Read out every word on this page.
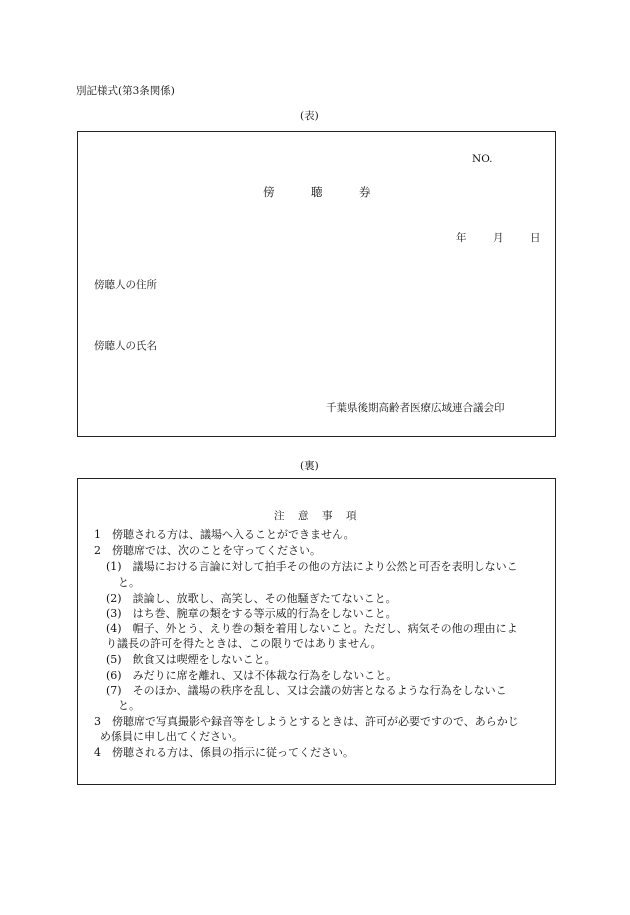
別記様式(第3条関係)
(表)
NO.
傍	聴	券
年	月	日
傍聴人の住所
傍聴人の氏名
千葉県後期高齢者医療広域連合議会印
(裏)
注 意 事 項
1　傍聴される方は、議場へ入ることができません。
2　傍聴席では、次のことを守ってください。
(1)　議場における言論に対して拍手その他の方法により公然と可否を表明しないこ
と。
(2)　談論し、放歌し、高笑し、その他騒ぎたてないこと。
(3)　はち巻、腕章の類をする等示威的行為をしないこと。
(4)　帽子、外とう、えり巻の類を着用しないこと。ただし、病気その他の理由によ
り議長の許可を得たときは、この限りではありません。
(5)　飲食又は喫煙をしないこと。
(6)　みだりに席を離れ、又は不体裁な行為をしないこと。
(7)　そのほか、議場の秩序を乱し、又は会議の妨害となるような行為をしないこ
と。
3　傍聴席で写真撮影や録音等をしようとするときは、許可が必要ですので、あらかじ
め係員に申し出てください。
4　傍聴される方は、係員の指示に従ってください。
